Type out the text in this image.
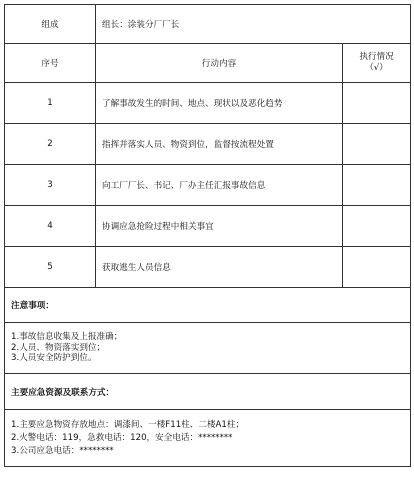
组成	组长：涂装分厂厂长	
序号	行动内容	执行情况
（√）

1	了解事故发生的时间、地点、现状以及恶化趋势	
2	指挥并落实人员、物资到位，监督按流程处置	
3	向工厂厂长、书记、厂办主任汇报事故信息	
4	协调应急抢险过程中相关事宜	
5	获取逃生人员信息	
注意事项：		

1.事故信息收集及上报准确；
2.人员、物资落实到位；
3.人员安全防护到位。		

主要应急资源及联系方式：		

1.主要应急物资存放地点：调漆间、一楼F11柱、二楼A1柱；
2.火警电话：119，急救电话：120，安全电话：********
3.公司应急电话：********		
